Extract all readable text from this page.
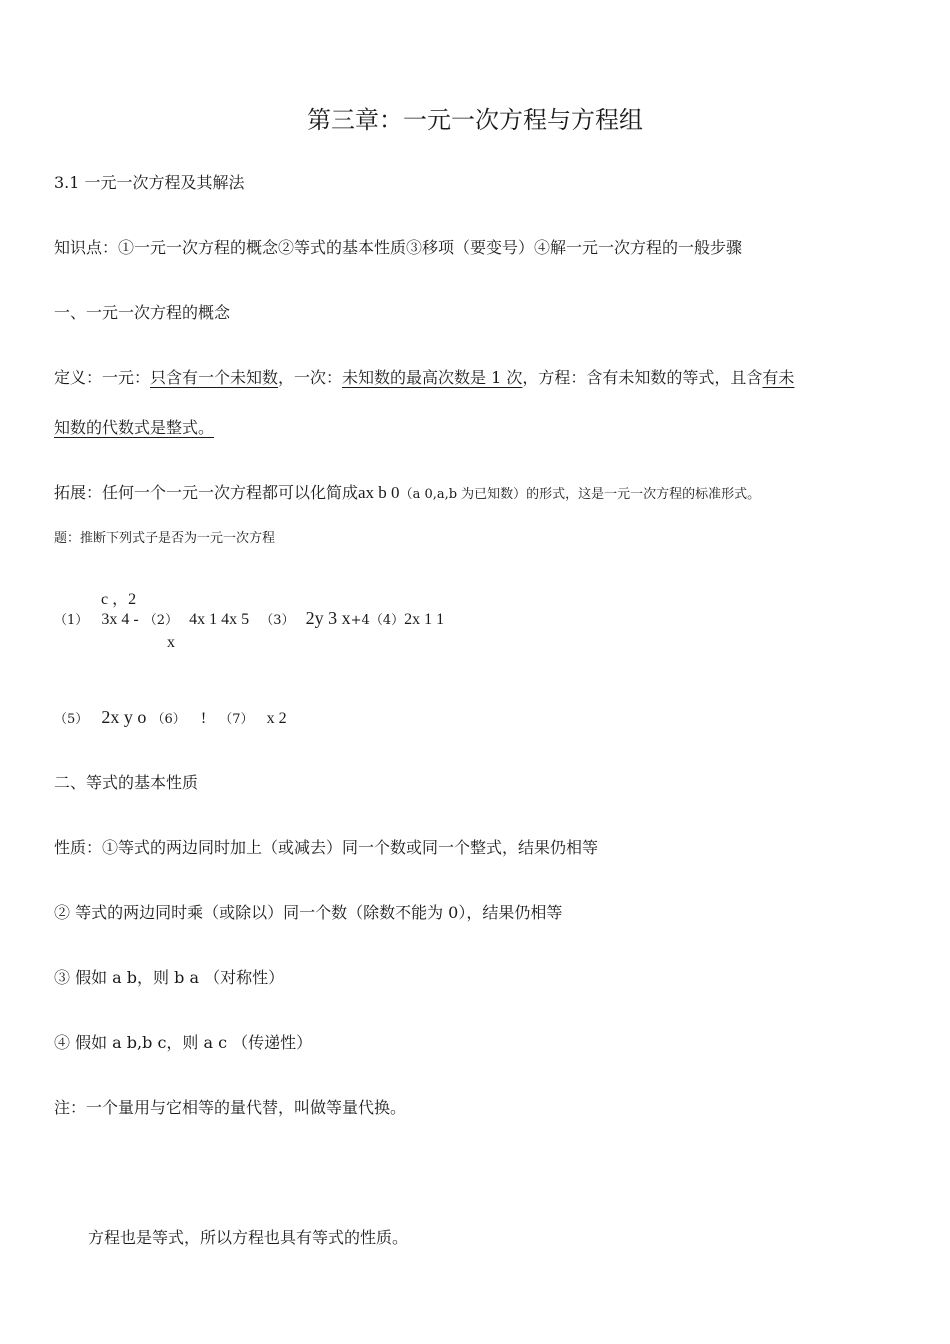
第三章：一元一次方程与方程组
3.1 一元一次方程及其解法
知识点：①一元一次方程的概念②等式的基本性质③移项（要变号）④解一元一次方程的一般步骤
一、一元一次方程的概念
定义：一元：只含有一个未知数，一次：未知数的最高次数是 1 次，方程：含有未知数的等式，且含有未
知数的代数式是整式。
拓展：任何一个一元一次方程都可以化简成ax b 0（a 0,a,b 为已知数）的形式，这是一元一次方程的标准形式。
题：推断下列式子是否为一元一次方程
c ，2
（1） 3x 4 - （2） 4x 1 4x 5 （3） 2y 3 x+4（4）2x 1 1
x
（5） 2x y o （6） ! （7） x 2
二、等式的基本性质
性质：①等式的两边同时加上（或减去）同一个数或同一个整式，结果仍相等
② 等式的两边同时乘（或除以）同一个数（除数不能为 0），结果仍相等
③ 假如 a b，则 b a （对称性）
④ 假如 a b,b c，则 a c （传递性）
注：一个量用与它相等的量代替，叫做等量代换。
方程也是等式，所以方程也具有等式的性质。
